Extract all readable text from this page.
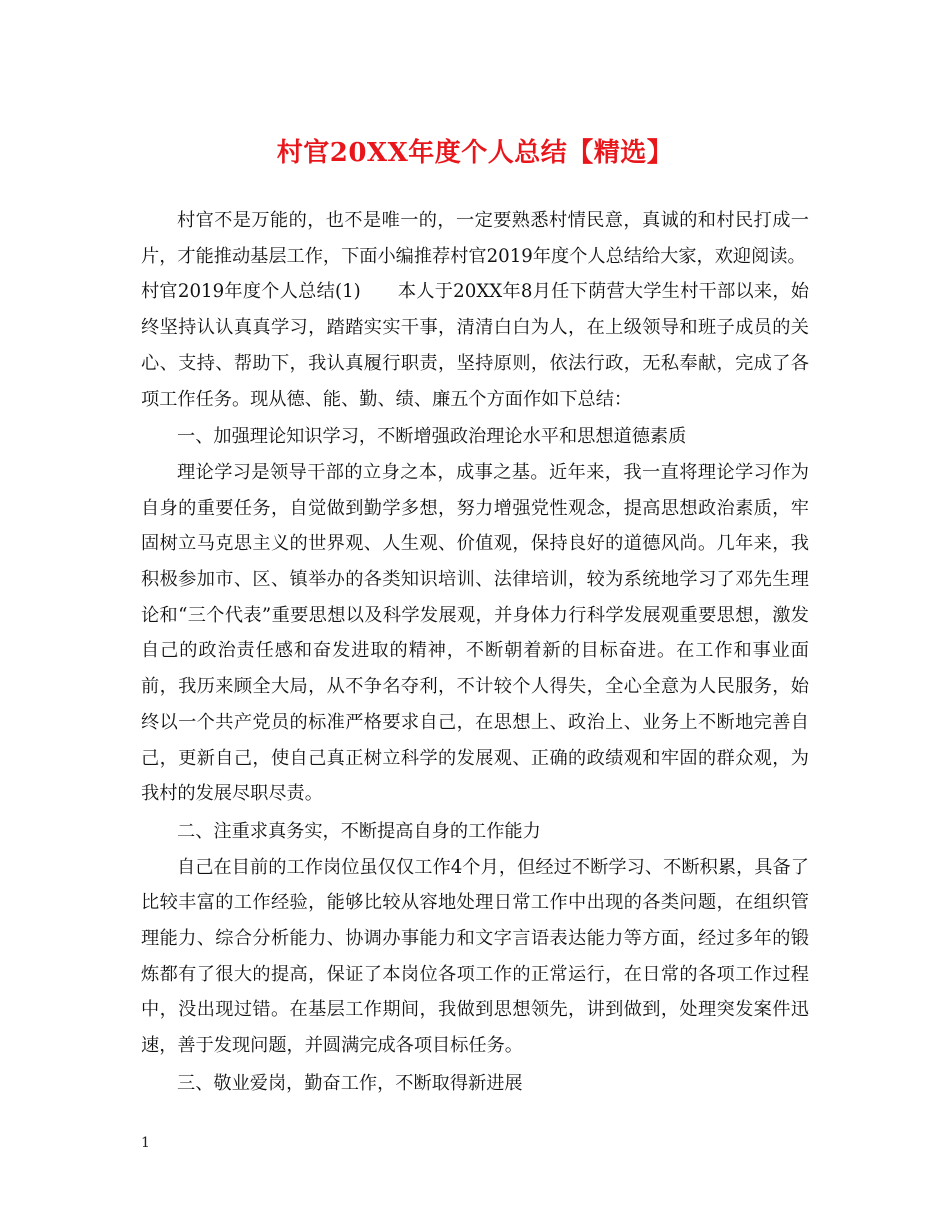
村官20XX年度个人总结【精选】

村官不是万能的，也不是唯一的，一定要熟悉村情民意，真诚的和村民打成一片，才能推动基层工作，下面小编推荐村官2019年度个人总结给大家，欢迎阅读。

村官2019年度个人总结(1)　　本人于20XX年8月任下荫营大学生村干部以来，始终坚持认认真真学习，踏踏实实干事，清清白白为人，在上级领导和班子成员的关心、支持、帮助下，我认真履行职责，坚持原则，依法行政，无私奉献，完成了各项工作任务。现从德、能、勤、绩、廉五个方面作如下总结：

一、加强理论知识学习，不断增强政治理论水平和思想道德素质

理论学习是领导干部的立身之本，成事之基。近年来，我一直将理论学习作为自身的重要任务，自觉做到勤学多想，努力增强党性观念，提高思想政治素质，牢固树立马克思主义的世界观、人生观、价值观，保持良好的道德风尚。几年来，我积极参加市、区、镇举办的各类知识培训、法律培训，较为系统地学习了邓先生理论和“三个代表”重要思想以及科学发展观，并身体力行科学发展观重要思想，激发自己的政治责任感和奋发进取的精神，不断朝着新的目标奋进。在工作和事业面前，我历来顾全大局，从不争名夺利，不计较个人得失，全心全意为人民服务，始终以一个共产党员的标准严格要求自己，在思想上、政治上、业务上不断地完善自己，更新自己，使自己真正树立科学的发展观、正确的政绩观和牢固的群众观，为我村的发展尽职尽责。

二、注重求真务实，不断提高自身的工作能力

自己在目前的工作岗位虽仅仅工作4个月，但经过不断学习、不断积累，具备了比较丰富的工作经验，能够比较从容地处理日常工作中出现的各类问题，在组织管理能力、综合分析能力、协调办事能力和文字言语表达能力等方面，经过多年的锻炼都有了很大的提高，保证了本岗位各项工作的正常运行，在日常的各项工作过程中，没出现过错。在基层工作期间，我做到思想领先，讲到做到，处理突发案件迅速，善于发现问题，并圆满完成各项目标任务。

三、敬业爱岗，勤奋工作，不断取得新进展

1
